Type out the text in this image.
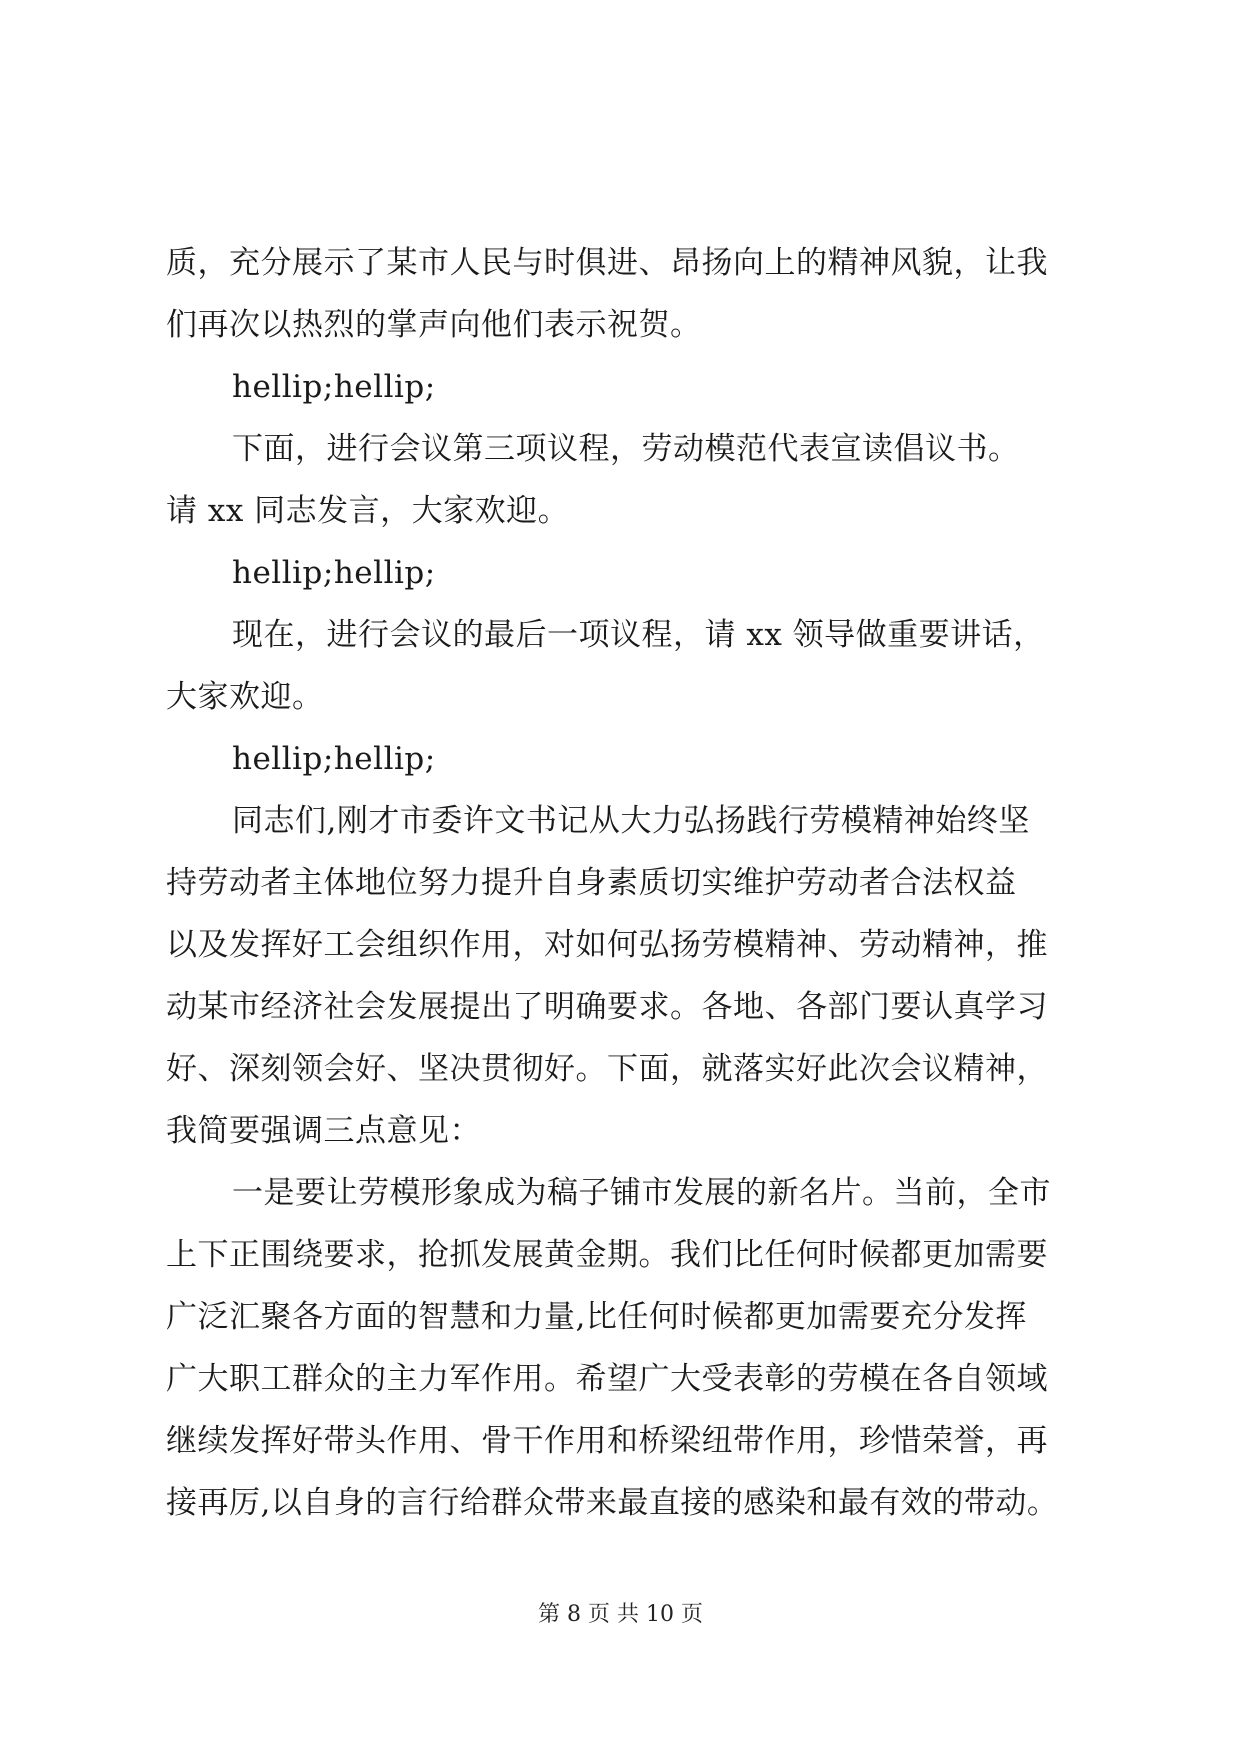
质，充分展示了某市人民与时俱进、昂扬向上的精神风貌，让我
们再次以热烈的掌声向他们表示祝贺。
hellip;hellip;
下面，进行会议第三项议程，劳动模范代表宣读倡议书。
请 xx 同志发言，大家欢迎。
hellip;hellip;
现在，进行会议的最后一项议程，请 xx 领导做重要讲话，
大家欢迎。
hellip;hellip;
同志们,刚才市委许文书记从大力弘扬践行劳模精神始终坚
持劳动者主体地位努力提升自身素质切实维护劳动者合法权益
以及发挥好工会组织作用，对如何弘扬劳模精神、劳动精神，推
动某市经济社会发展提出了明确要求。各地、各部门要认真学习
好、深刻领会好、坚决贯彻好。下面，就落实好此次会议精神，
我简要强调三点意见：
一是要让劳模形象成为稿子铺市发展的新名片。当前，全市
上下正围绕要求，抢抓发展黄金期。我们比任何时候都更加需要
广泛汇聚各方面的智慧和力量,比任何时候都更加需要充分发挥
广大职工群众的主力军作用。希望广大受表彰的劳模在各自领域
继续发挥好带头作用、骨干作用和桥梁纽带作用，珍惜荣誉，再
接再厉,以自身的言行给群众带来最直接的感染和最有效的带动。
第 8 页 共 10 页
